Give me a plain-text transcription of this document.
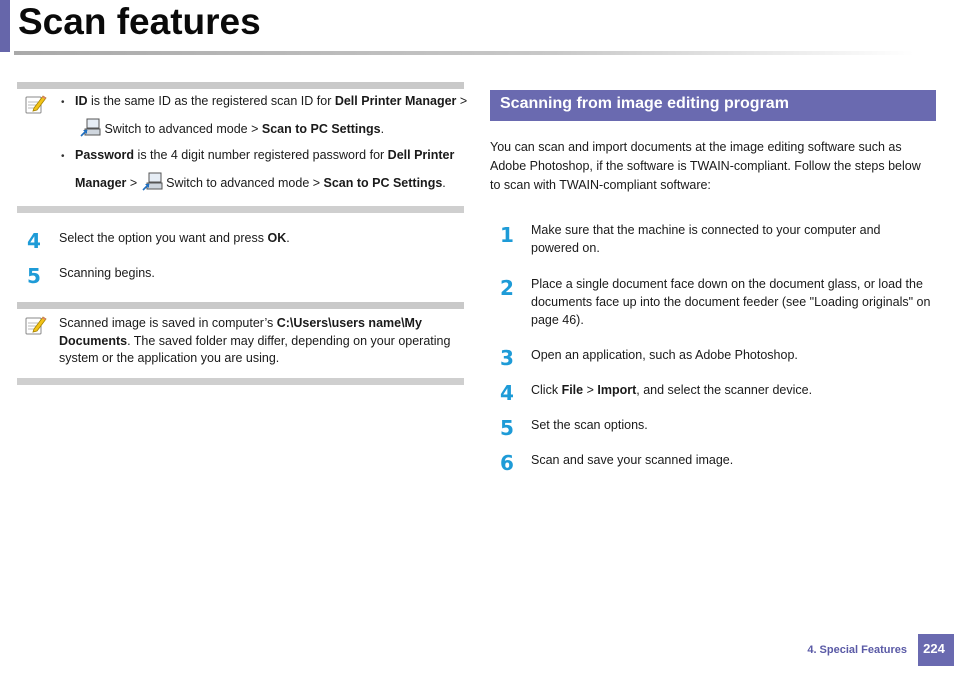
Scan features
• ID is the same ID as the registered scan ID for Dell Printer Manager >
Switch to advanced mode > Scan to PC Settings.
• Password is the 4 digit number registered password for Dell Printer
Manager >  Switch to advanced mode > Scan to PC Settings.
4 Select the option you want and press OK.
5 Scanning begins.
Scanned image is saved in computer’s C:\Users\users name\My
Documents. The saved folder may differ, depending on your operating
system or the application you are using.
Scanning from image editing program
You can scan and import documents at the image editing software such as
Adobe Photoshop, if the software is TWAIN-compliant. Follow the steps below
to scan with TWAIN-compliant software:
1 Make sure that the machine is connected to your computer and
powered on.
2 Place a single document face down on the document glass, or load the
documents face up into the document feeder (see "Loading originals" on
page 46).
3 Open an application, such as Adobe Photoshop.
4 Click File > Import, and select the scanner device.
5 Set the scan options.
6 Scan and save your scanned image.
4. Special Features	224
